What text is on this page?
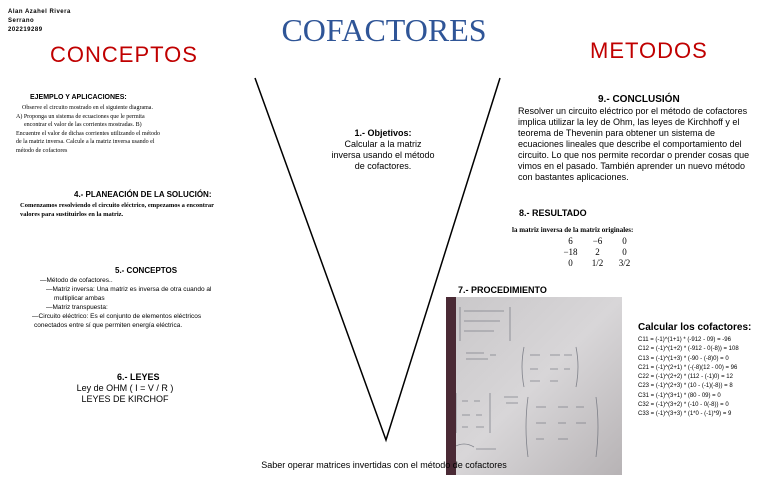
Alan Azahel Rivera
Serrano
202219289	COFACTORES
CONCEPTOS	METODOS
EJEMPLO Y APLICACIONES:
Observe el circuito mostrado en el siguiente diagrama.
A) Proponga un sistema de ecuaciones que le permita
encontrar el valor de las corrientes mostradas. B)
Encuentre el valor de dichas corrientes utilizando el método
de la matriz inversa. Calcule a la matriz inversa usando el
método de cofactores
4.- PLANEACIÓN DE LA SOLUCIÓN:
Comenzamos resolviendo el circuito eléctrico, empezamos a encontrar
valores para sustituirlos en la matriz.
5.- CONCEPTOS
—Método de cofactores..
—Matriz inversa: Una matriz es inversa de otra cuando al
multiplicar ambas
—Matriz transpuesta:
—Circuito eléctrico: Es el conjunto de elementos eléctricos
conectados entre sí que permiten energía eléctrica.
6.- LEYES
Ley de OHM ( I = V / R )
LEYES DE KIRCHOF
1.- Objetivos:
Calcular a la matriz
inversa usando el método
de cofactores.
9.- CONCLUSIÓN
Resolver un circuito eléctrico por el método de cofactores implica utilizar la ley de Ohm, las leyes de Kirchhoff y el teorema de Thevenin para obtener un sistema de ecuaciones lineales que describe el comportamiento del circuito. Lo que nos permite recordar o prender cosas que vimos en el pasado. También aprender un nuevo método con bastantes aplicaciones.
8.- RESULTADO
la matriz inversa de la matriz originales:
6	−6	0
−18	2	0
0	1/2	3/2
7.- PROCEDIMIENTO
Calcular los cofactores:
C11 = (-1)^(1+1) * (-912 - 09) = -96
C12 = (-1)^(1+2) * (-912 - 0(-8)) = 108
C13 = (-1)^(1+3) * (-90 - (-8)0) = 0
C21 = (-1)^(2+1) * (-(-8)(12 - 00) = 96
C22 = (-1)^(2+2) * (112 - (-1)0) = 12
C23 = (-1)^(2+3) * (10 - (-1)(-8)) = 8
C31 = (-1)^(3+1) * (80 - 09) = 0
C32 = (-1)^(3+2) * (-10 - 0(-8)) = 0
C33 = (-1)^(3+3) * (1*0 - (-1)*9) = 9
Saber operar matrices invertidas con el método de cofactores
